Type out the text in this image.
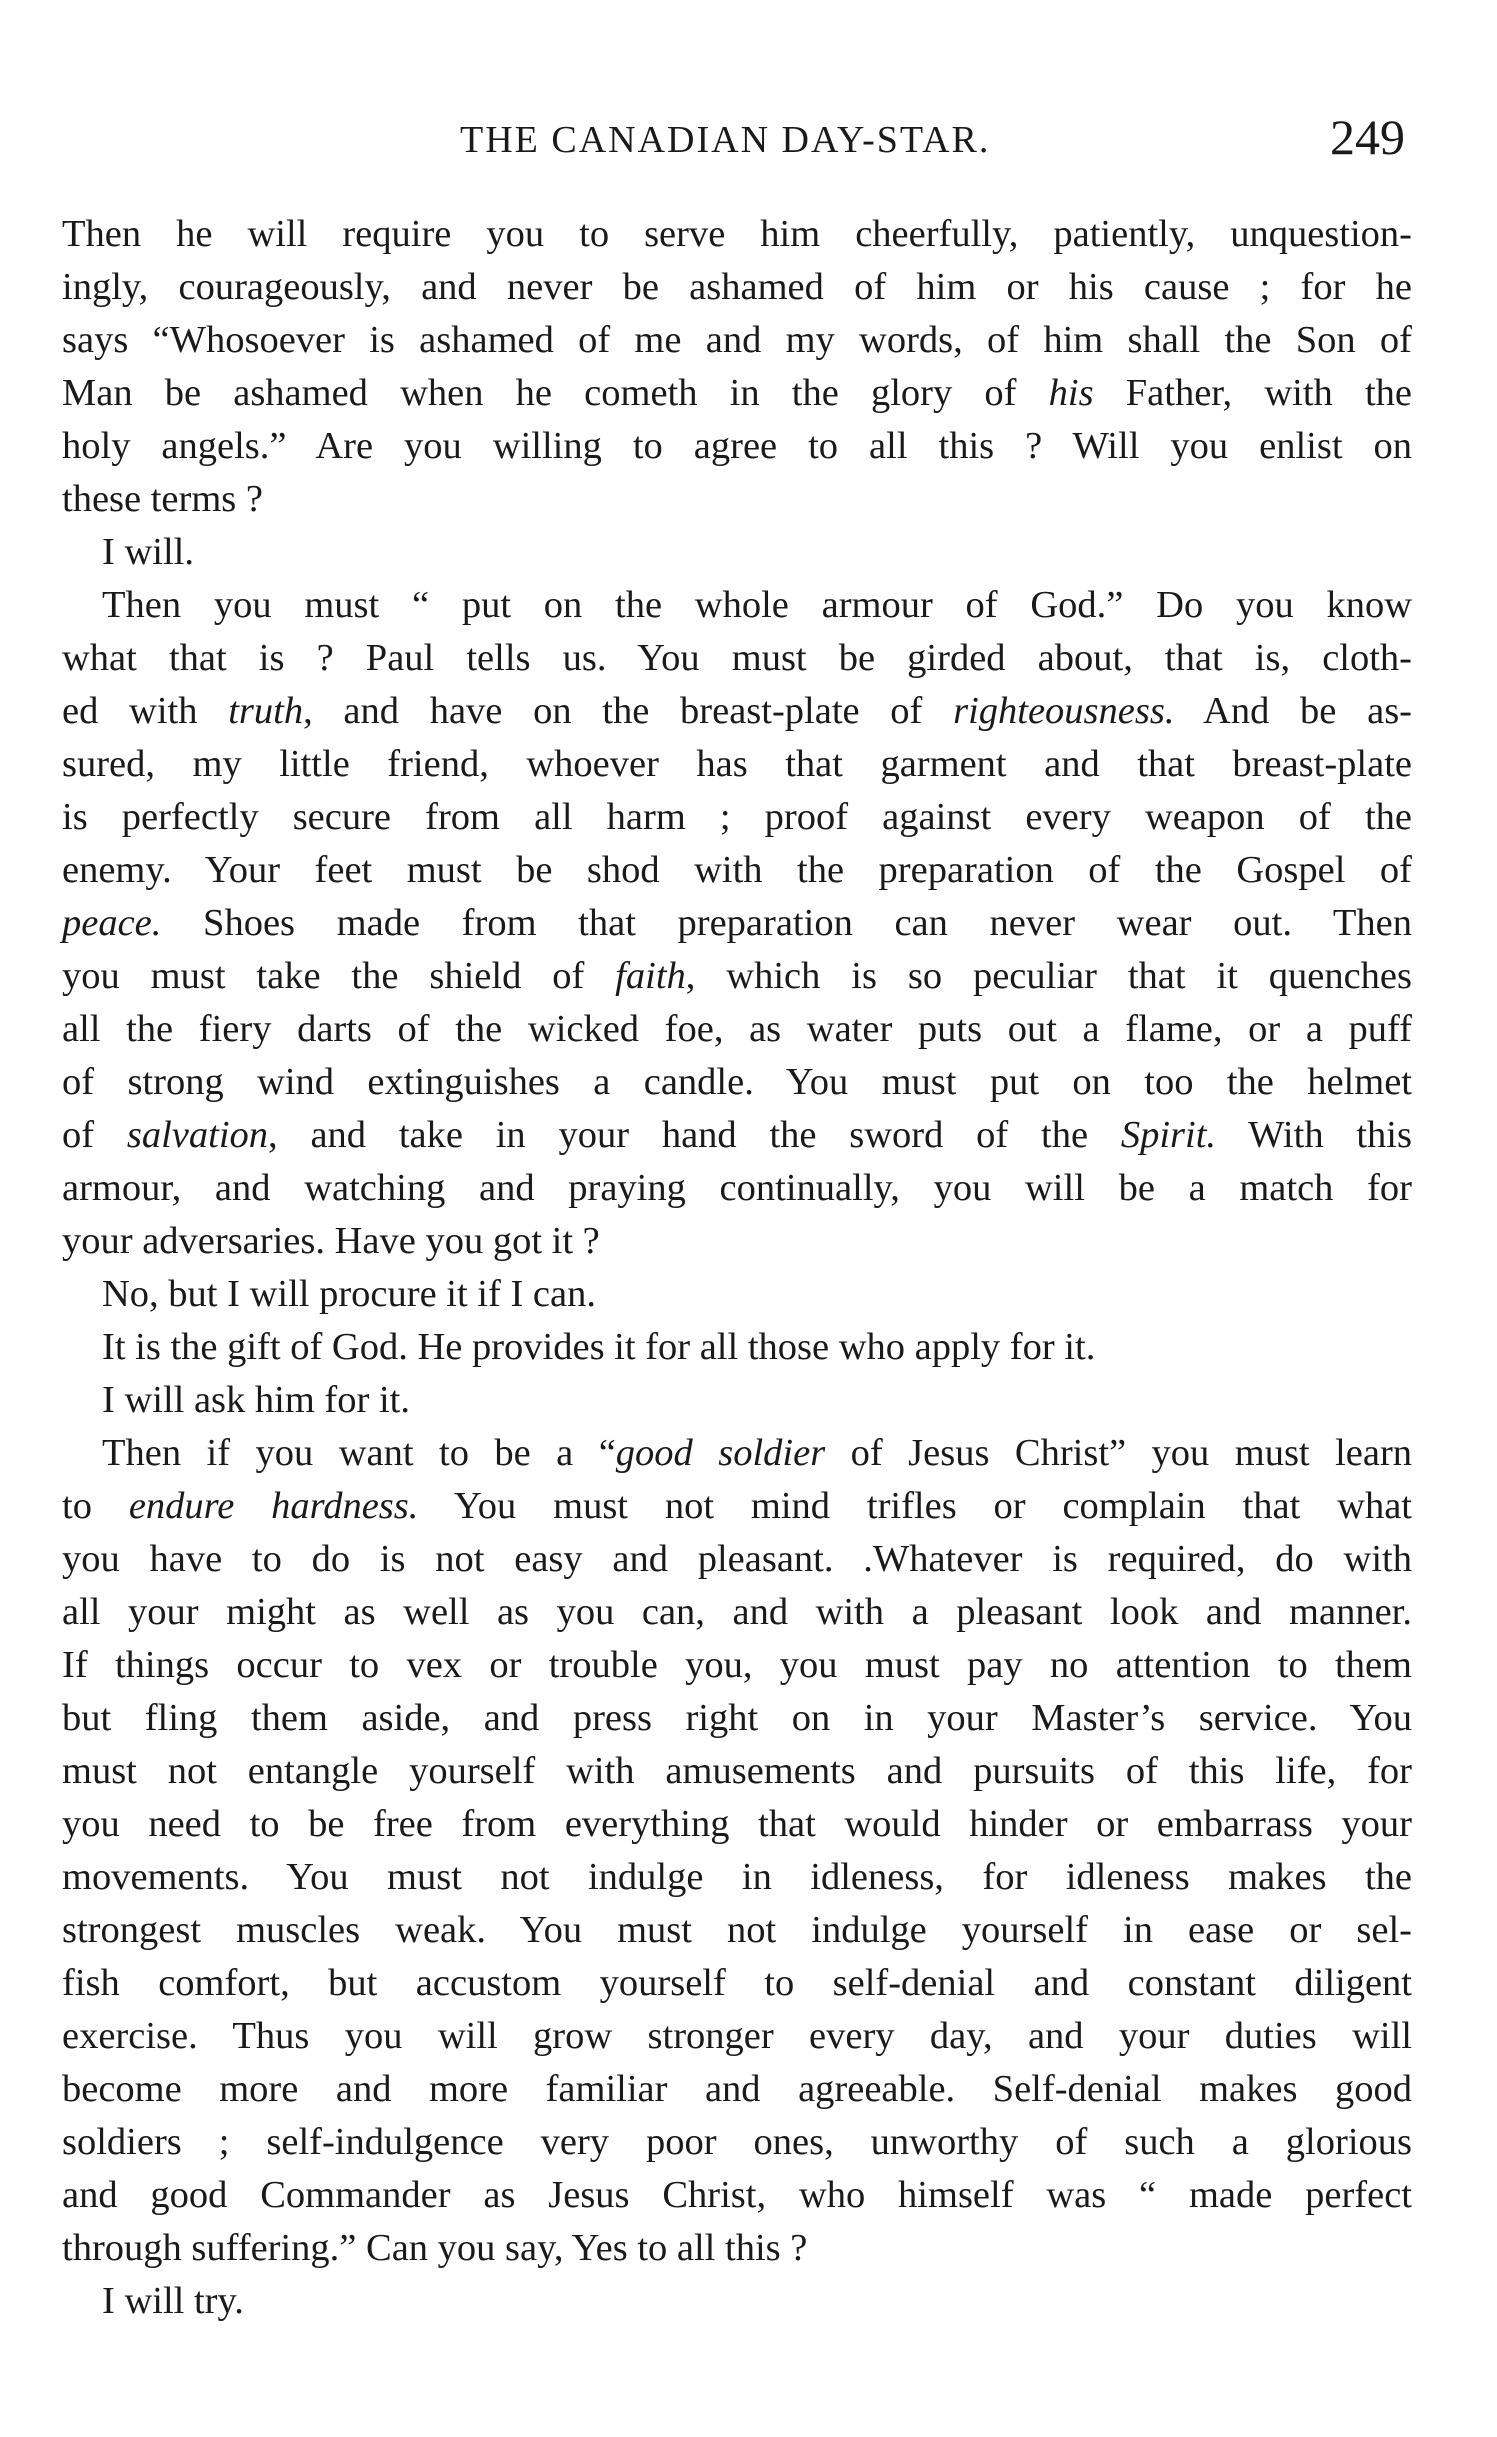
THE CANADIAN DAY-STAR.	249
Then he will require you to serve him cheerfully, patiently, unquestion-
ingly, courageously, and never be ashamed of him or his cause ; for he
says “Whosoever is ashamed of me and my words, of him shall the Son of
Man be ashamed when he cometh in the glory of his Father, with the
holy angels.” Are you willing to agree to all this ? Will you enlist on
these terms ?
I will.
Then you must “ put on the whole armour of God.” Do you know
what that is ? Paul tells us. You must be girded about, that is, cloth-
ed with truth, and have on the breast-plate of righteousness. And be as-
sured, my little friend, whoever has that garment and that breast-plate
is perfectly secure from all harm ; proof against every weapon of the
enemy. Your feet must be shod with the preparation of the Gospel of
peace. Shoes made from that preparation can never wear out. Then
you must take the shield of faith, which is so peculiar that it quenches
all the fiery darts of the wicked foe, as water puts out a flame, or a puff
of strong wind extinguishes a candle. You must put on too the helmet
of salvation, and take in your hand the sword of the Spirit. With this
armour, and watching and praying continually, you will be a match for
your adversaries. Have you got it ?
No, but I will procure it if I can.
It is the gift of God. He provides it for all those who apply for it.
I will ask him for it.
Then if you want to be a “good soldier of Jesus Christ” you must learn
to endure hardness. You must not mind trifles or complain that what
you have to do is not easy and pleasant. .Whatever is required, do with
all your might as well as you can, and with a pleasant look and manner.
If things occur to vex or trouble you, you must pay no attention to them
but fling them aside, and press right on in your Master’s service. You
must not entangle yourself with amusements and pursuits of this life, for
you need to be free from everything that would hinder or embarrass your
movements. You must not indulge in idleness, for idleness makes the
strongest muscles weak. You must not indulge yourself in ease or sel-
fish comfort, but accustom yourself to self-denial and constant diligent
exercise. Thus you will grow stronger every day, and your duties will
become more and more familiar and agreeable. Self-denial makes good
soldiers ; self-indulgence very poor ones, unworthy of such a glorious
and good Commander as Jesus Christ, who himself was “ made perfect
through suffering.” Can you say, Yes to all this ?
I will try.
